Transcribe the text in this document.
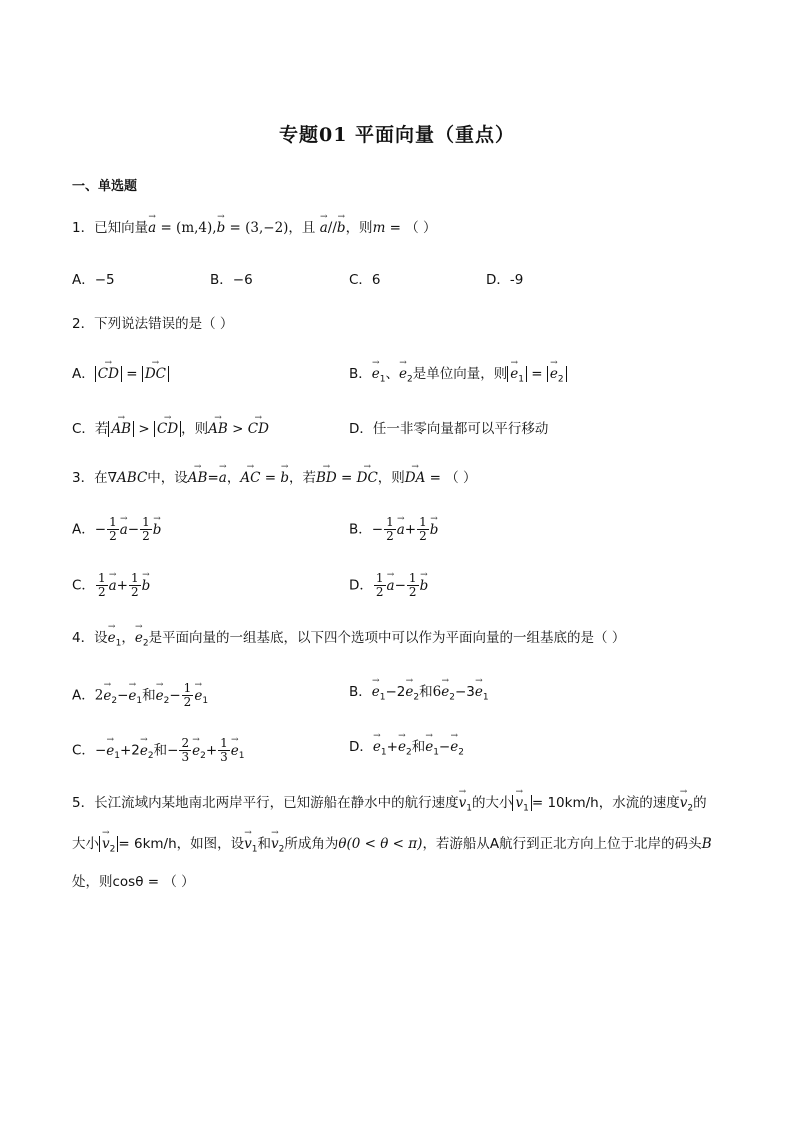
专题01 平面向量（重点）
一、单选题
1．已知向量→ a = (m,4),→ b = (3,−2)，且 → a//→ b，则m = （ ）
A．−5	B．−6	C．6	D．-9
2．下列说法错误的是（ ）
A．→ CD = → DC	B．→ $e_1$、→ $e_2$是单位向量，则→ $e_1$ = → $e_2$
C．若→ AB > → CD ，则→ AB > → CD	D．任一非零向量都可以平行移动
3．在∇ABC中，设→ AB=→ a，→ AC = → b，若→ BD = → DC，则→ DA = （ ）
A．− $\frac{1}{2}$
→ $a- \frac{1}{2}$
→ b	B．− $\frac{1}{2}$
→ $a+ \frac{1}{2}$
→ b
C． $\frac{1}{2}$
→ $a+ \frac{1}{2}$
→ b	D． $\frac{1}{2}$
→ $a- \frac{1}{2}$
→ b
4．设→ $e_1$，→ $e_2$是平面向量的一组基底，以下四个选项中可以作为平面向量的一组基底的是（ ）
A．$2\to e_2-\to e_1$和→ $e_2- \frac{1}{2}$
→ $e_1$
B．→ $e_1-2\to e_2$和$6\to e_2-3\to e_1$
C．−→ $e_1+2\to e_2$和− $\frac{2}{3}$
→ $e_2+ \frac{1}{3}$
→ $e_1$
D．→ $e_1+\to e_2$和→ $e_1-\to e_2$
5．长江流域内某地南北两岸平行，已知游船在静水中的航行速度→ $v_1$的大小→ $v_1 = 10km/h$，水流的速度→ $v_2$的
大小→ $v_2 = 6km/h$，如图，设→ $v_1$和→ $v_2$所成角为θ(0 < θ < π)，若游船从A航行到正北方向上位于北岸的码头B
处，则cosθ = （ ）
